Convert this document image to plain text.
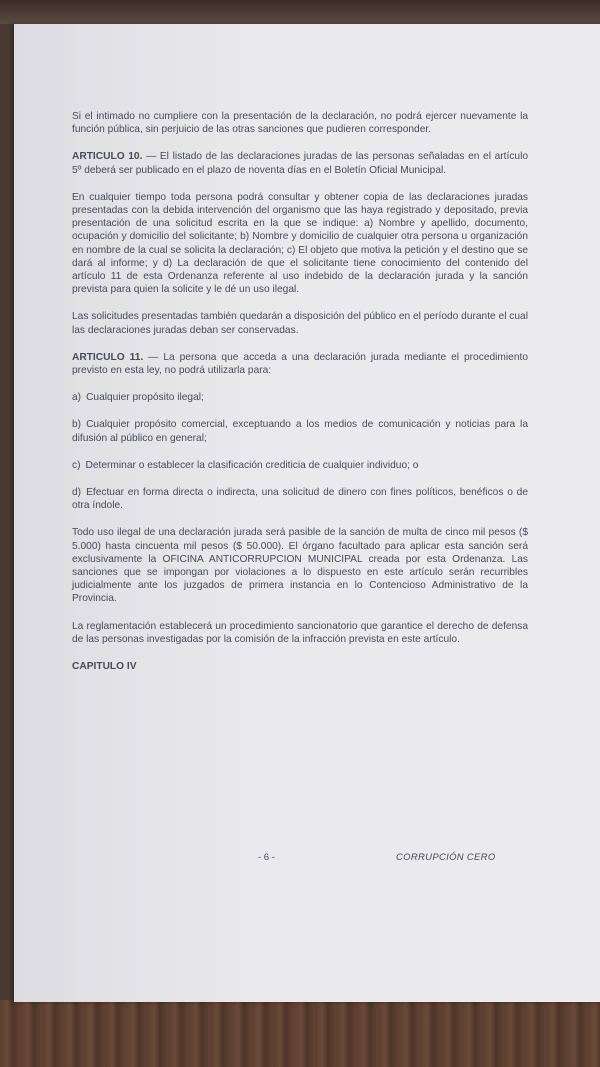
Si el intimado no cumpliere con la presentación de la declaración, no podrá ejercer nuevamente la función pública, sin perjuicio de las otras sanciones que pudieren corresponder.

ARTICULO 10. — El listado de las declaraciones juradas de las personas señaladas en el artículo 5º deberá ser publicado en el plazo de noventa días en el Boletín Oficial Municipal.

En cualquier tiempo toda persona podrá consultar y obtener copia de las declaraciones juradas presentadas con la debida intervención del organismo que las haya registrado y depositado, previa presentación de una solicitud escrita en la que se indique: a) Nombre y apellido, documento, ocupación y domicilio del solicitante; b) Nombre y domicilio de cualquier otra persona u organización en nombre de la cual se solicita la declaración; c) El objeto que motiva la petición y el destino que se dará al informe; y d) La declaración de que el solicitante tiene conocimiento del contenido del artículo 11 de esta Ordenanza referente al uso indebido de la declaración jurada y la sanción prevista para quien la solicite y le dé un uso ilegal.

Las solicitudes presentadas también quedarán a disposición del público en el período durante el cual las declaraciones juradas deban ser conservadas.

ARTICULO 11. — La persona que acceda a una declaración jurada mediante el procedimiento previsto en esta ley, no podrá utilizarla para:

a) Cualquier propósito ilegal;
b) Cualquier propósito comercial, exceptuando a los medios de comunicación y noticias para la difusión al público en general;
c) Determinar o establecer la clasificación crediticia de cualquier individuo; o
d) Efectuar en forma directa o indirecta, una solicitud de dinero con fines políticos, benéficos o de otra índole.

Todo uso ilegal de una declaración jurada será pasible de la sanción de multa de cinco mil pesos ($ 5.000) hasta cincuenta mil pesos ($ 50.000). El órgano facultado para aplicar esta sanción será exclusivamente la OFICINA ANTICORRUPCION MUNICIPAL creada por esta Ordenanza. Las sanciones que se impongan por violaciones a lo dispuesto en este artículo serán recurribles judicialmente ante los juzgados de primera instancia en lo Contencioso Administrativo de la Provincia.

La reglamentación establecerá un procedimiento sancionatorio que garantice el derecho de defensa de las personas investigadas por la comisión de la infracción prevista en este artículo.

CAPITULO IV
- 6 -	CORRUPCIÓN CERO
